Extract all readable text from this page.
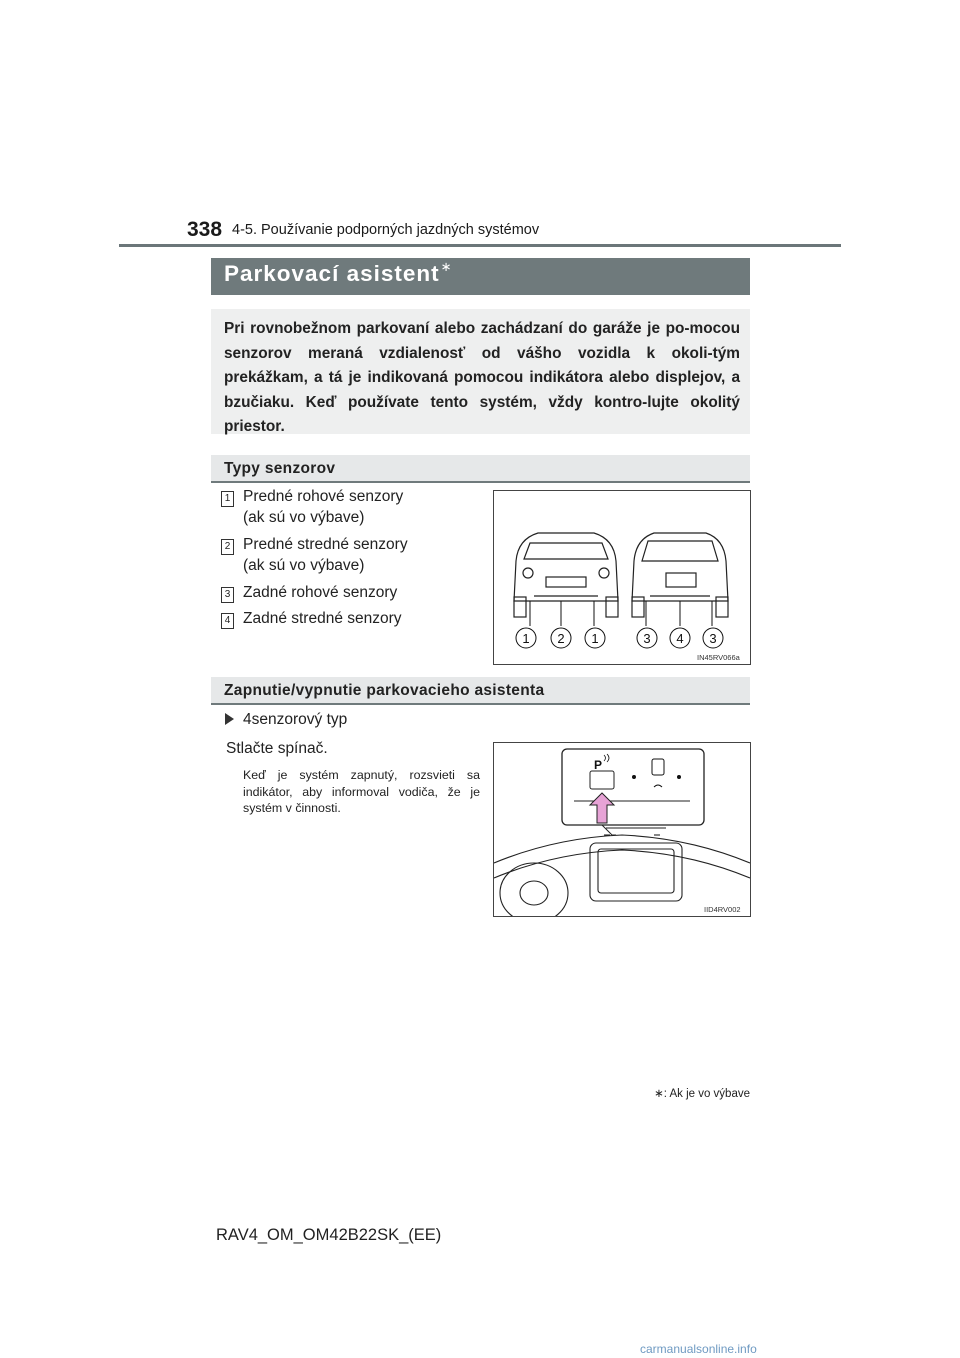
338 4-5. Používanie podporných jazdných systémov
Parkovací asistent∗
Pri rovnobežnom parkovaní alebo zachádzaní do garáže je po-mocou senzorov meraná vzdialenosť od vášho vozidla k okoli-tým prekážkam, a tá je indikovaná pomocou indikátora alebo displejov, a bzučiaku. Keď používate tento systém, vždy kontro-lujte okolitý priestor.
Typy senzorov
1 Predné rohové senzory
(ak sú vo výbave)
2 Predné stredné senzory
(ak sú vo výbave)
3 Zadné rohové senzory
4 Zadné stredné senzory
1 2 1	3 4 3
IN45RV066a
Zapnutie/vypnutie parkovacieho asistenta
4senzorový typ
Stlačte spínač.
Keď je systém zapnutý, rozsvieti sa indikátor, aby informoval vodiča, že je systém v činnosti.
P
IID4RV002
∗: Ak je vo výbave
RAV4_OM_OM42B22SK_(EE)
carmanualsonline.info
